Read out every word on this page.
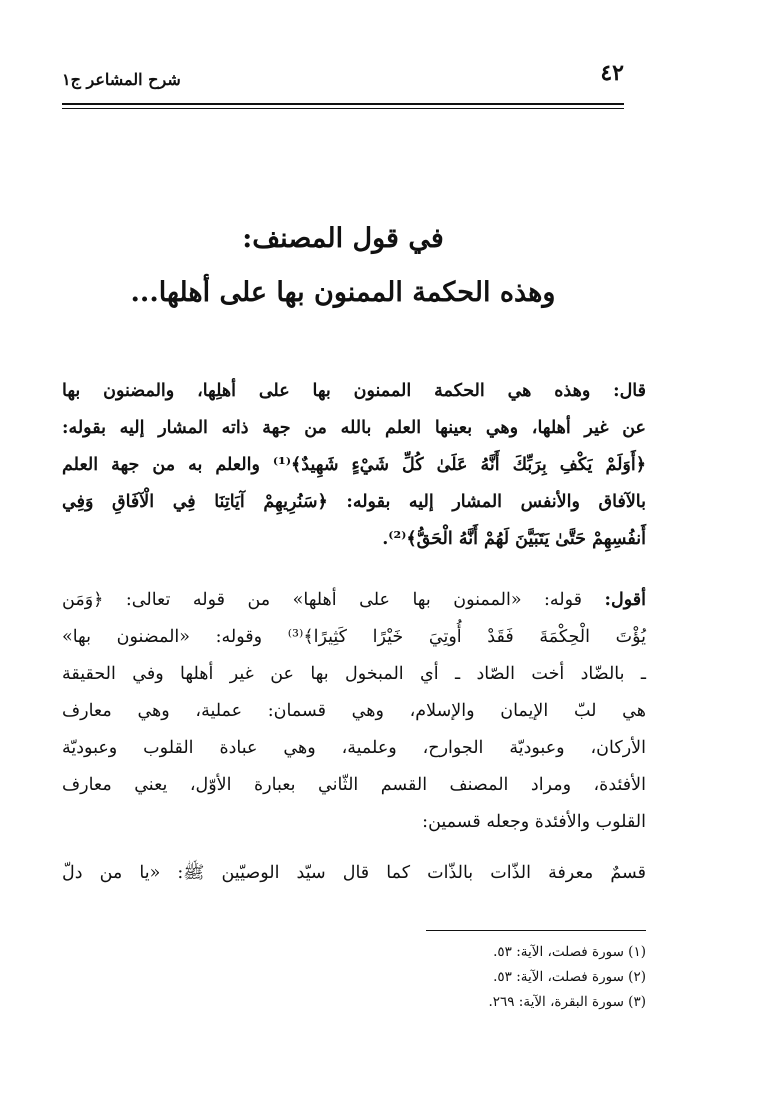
٤٢
شرح المشاعر ج١
في قول المصنف:
وهذه الحكمة الممنون بها على أهلها...
قال: وهذه هي الحكمة الممنون بها على أهلِها، والمضنون بها
عن غير أهلها، وهي بعينها العلم بالله من جهة ذاته المشار إليه بقوله:
﴿أَوَلَمْ يَكْفِ بِرَبِّكَ أَنَّهُ عَلَىٰ كُلِّ شَيْءٍ شَهِيدٌ﴾⁽¹⁾ والعلم به من جهة العلم
بالآفاق والأنفس المشار إليه بقوله: ﴿سَنُرِيهِمْ آيَاتِنَا فِي الْآفَاقِ وَفِي
أَنفُسِهِمْ حَتَّىٰ يَتَبَيَّنَ لَهُمْ أَنَّهُ الْحَقُّ﴾⁽²⁾.
أقول: قوله: «الممنون بها على أهلها» من قوله تعالى: ﴿وَمَن
يُؤْتَ الْحِكْمَةَ فَقَدْ أُوتِيَ خَيْرًا كَثِيرًا﴾⁽³⁾ وقوله: «المضنون بها»
ـ بالضّاد أخت الصّاد ـ أي المبخول بها عن غير أهلها وفي الحقيقة
هي لبّ الإيمان والإسلام، وهي قسمان: عملية، وهي معارف
الأركان، وعبوديّة الجوارح، وعلمية، وهي عبادة القلوب وعبوديّة
الأفئدة، ومراد المصنف القسم الثّاني بعبارة الأوّل، يعني معارف
القلوب والأفئدة وجعله قسمين:
قسمٌ معرفة الذّات بالذّات كما قال سيّد الوصيّين ﷺ: «يا من دلّ
(١) سورة فصلت، الآية: ٥٣.
(٢) سورة فصلت، الآية: ٥٣.
(٣) سورة البقرة، الآية: ٢٦٩.
